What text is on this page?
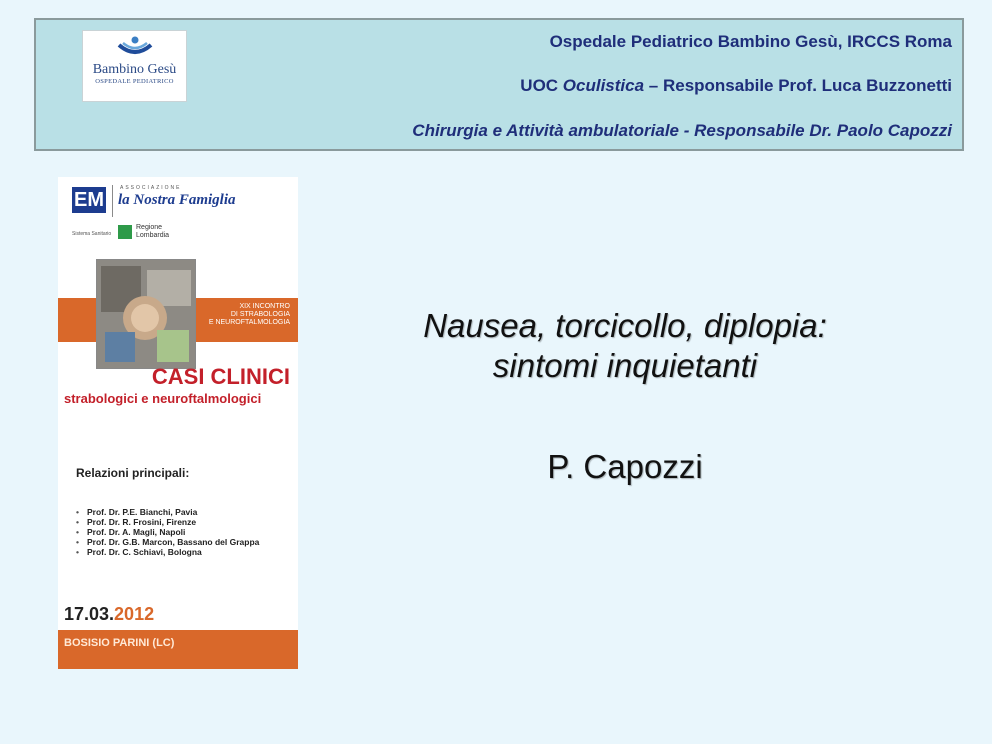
Bambino Gesù
OSPEDALE PEDIATRICO
Ospedale Pediatrico Bambino Gesù, IRCCS Roma
UOC Oculistica – Responsabile Prof. Luca Buzzonetti
Chirurgia e Attività ambulatoriale - Responsabile Dr. Paolo Capozzi
EM
ASSOCIAZIONE
la Nostra Famiglia
Sistema Sanitario
Regione Lombardia
XIX INCONTRO
DI STRABOLOGIA
E NEUROFTALMOLOGIA
CASI CLINICI
strabologici e neuroftalmologici
Relazioni principali:
• Prof. Dr. P.E. Bianchi, Pavia
• Prof. Dr. R. Frosini, Firenze
• Prof. Dr. A. Magli, Napoli
• Prof. Dr. G.B. Marcon, Bassano del Grappa
• Prof. Dr. C. Schiavi, Bologna
17.03.2012
BOSISIO PARINI (LC)
Nausea, torcicollo, diplopia:
sintomi inquietanti
P. Capozzi
